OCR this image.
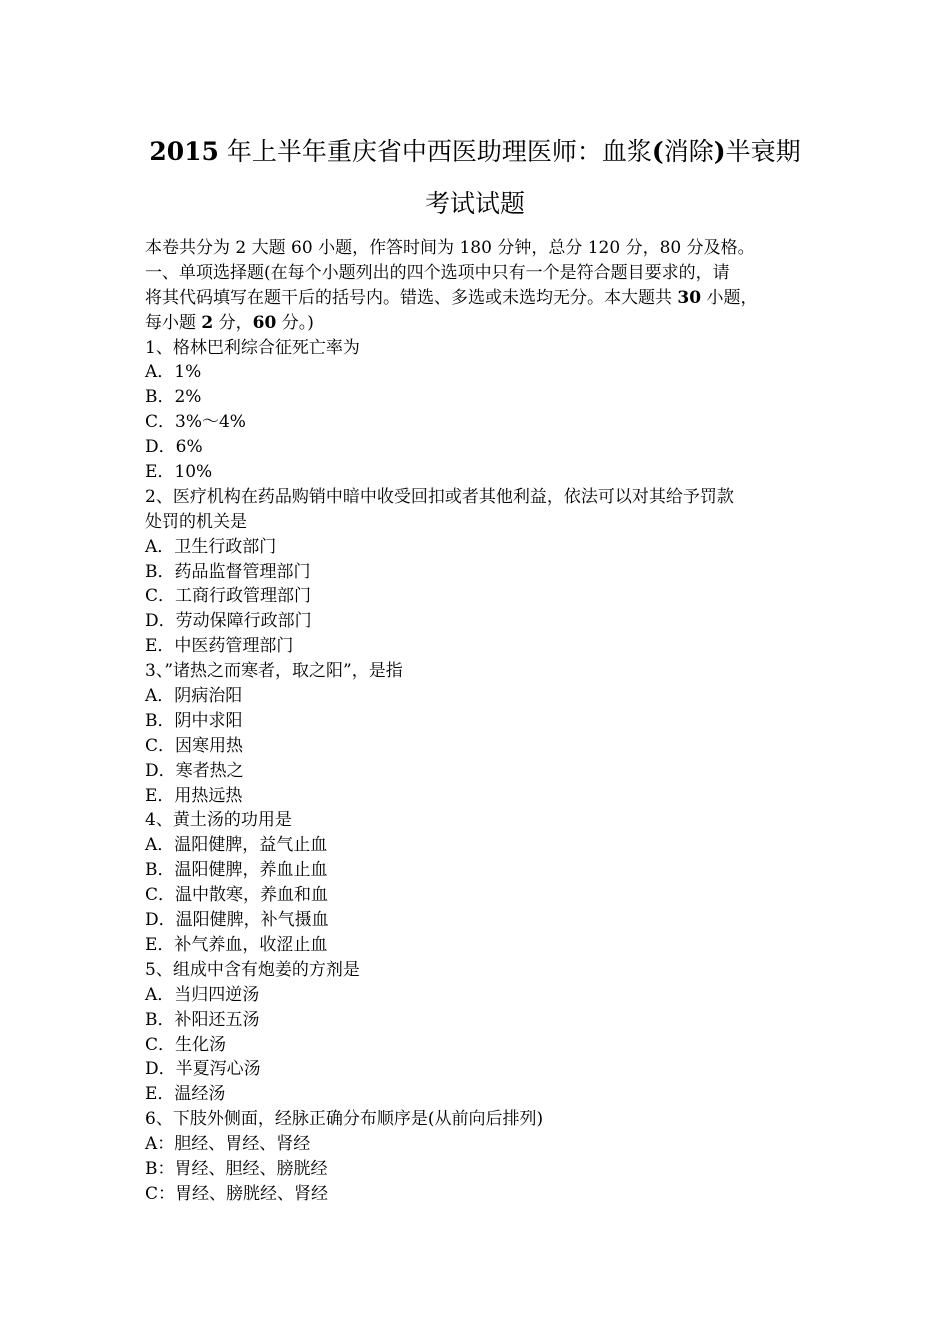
2015 年上半年重庆省中西医助理医师：血浆(消除)半衰期
考试试题
本卷共分为 2 大题 60 小题，作答时间为 180 分钟，总分 120 分，80 分及格。
一、单项选择题(在每个小题列出的四个选项中只有一个是符合题目要求的，请
将其代码填写在题干后的括号内。错选、多选或未选均无分。本大题共 30 小题，
每小题 2 分，60 分。)
1、格林巴利综合征死亡率为
A．1%
B．2%
C．3%～4%
D．6%
E．10%
2、医疗机构在药品购销中暗中收受回扣或者其他利益，依法可以对其给予罚款
处罚的机关是
A．卫生行政部门
B．药品监督管理部门
C．工商行政管理部门
D．劳动保障行政部门
E．中医药管理部门
3、”诸热之而寒者，取之阳”，是指
A．阴病治阳
B．阴中求阳
C．因寒用热
D．寒者热之
E．用热远热
4、黄土汤的功用是
A．温阳健脾，益气止血
B．温阳健脾，养血止血
C．温中散寒，养血和血
D．温阳健脾，补气摄血
E．补气养血，收涩止血
5、组成中含有炮姜的方剂是
A．当归四逆汤
B．补阳还五汤
C．生化汤
D．半夏泻心汤
E．温经汤
6、下肢外侧面，经脉正确分布顺序是(从前向后排列)
A：胆经、胃经、肾经
B：胃经、胆经、膀胱经
C：胃经、膀胱经、肾经
